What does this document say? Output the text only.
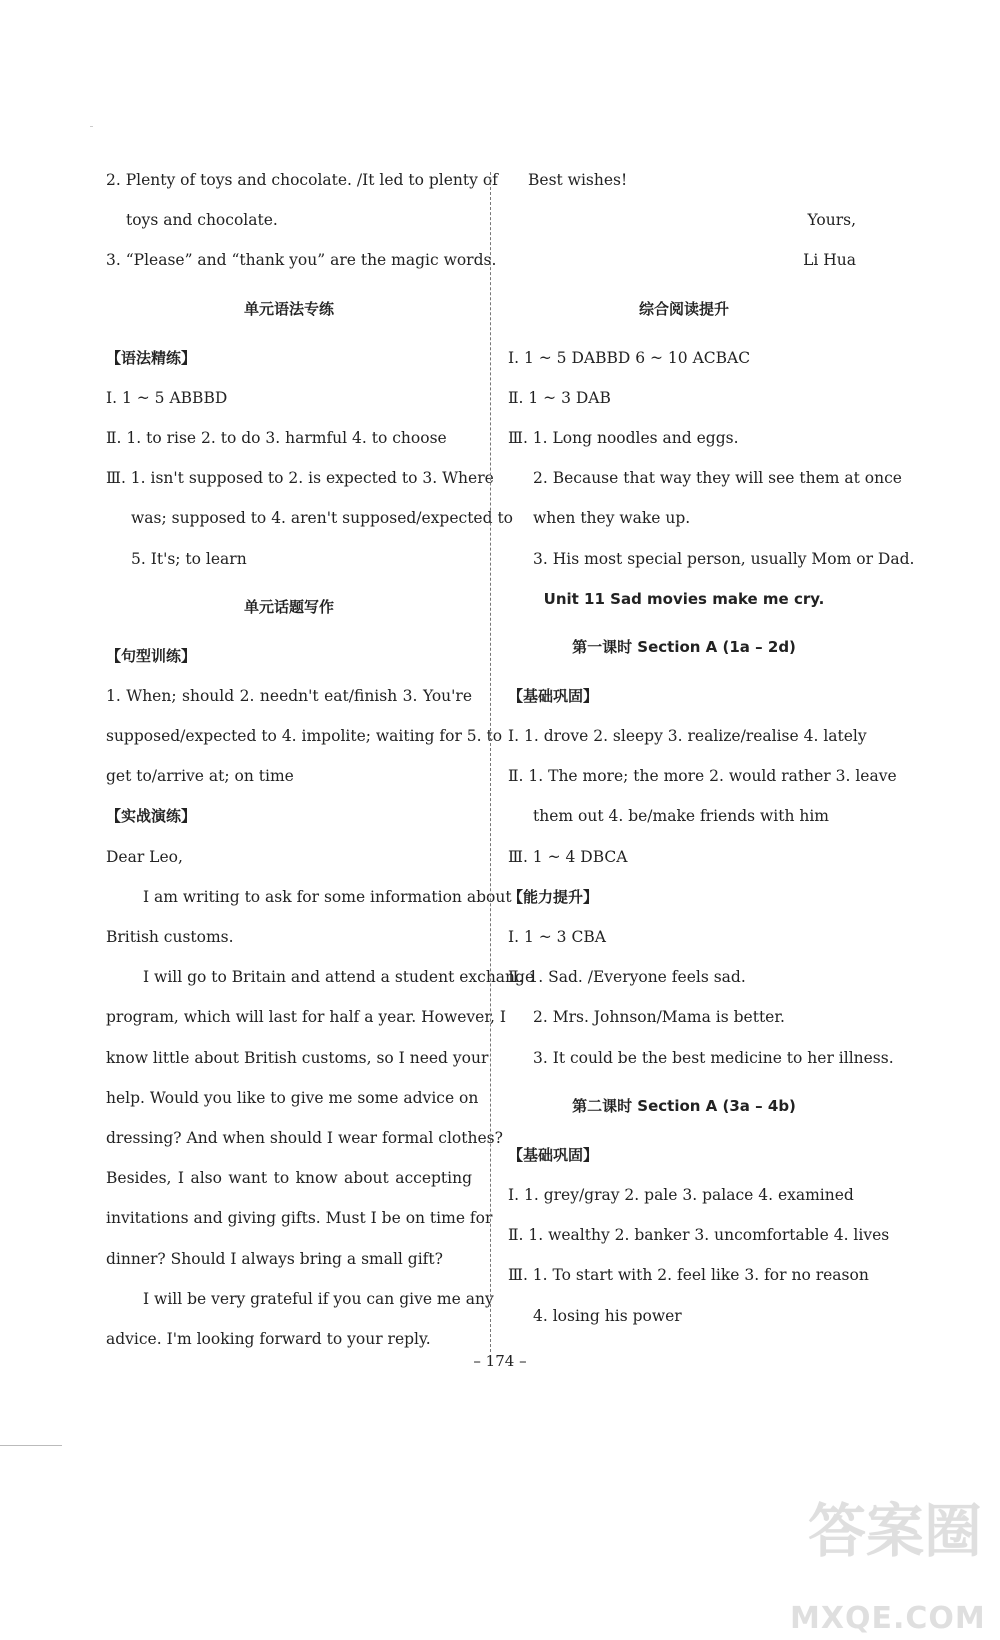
2. Plenty of toys and chocolate. /It led to plenty of
toys and chocolate.
3. “Please” and “thank you” are the magic words.
单元语法专练
【语法精练】
Ⅰ. 1 ~ 5 ABBBD
Ⅱ. 1. to rise 2. to do 3. harmful 4. to choose
Ⅲ. 1. isn't supposed to 2. is expected to 3. Where
was; supposed to 4. aren't supposed/expected to
5. It's; to learn
单元话题写作
【句型训练】
1. When; should 2. needn't eat/finish 3. You're
supposed/expected to 4. impolite; waiting for 5. to
get to/arrive at; on time
【实战演练】
Dear Leo,
I am writing to ask for some information about
British customs.
I will go to Britain and attend a student exchange
program, which will last for half a year. However, I
know little about British customs, so I need your
help. Would you like to give me some advice on
dressing? And when should I wear formal clothes?
Besides, I also want to know about accepting
invitations and giving gifts. Must I be on time for
dinner? Should I always bring a small gift?
I will be very grateful if you can give me any
advice. I'm looking forward to your reply.
Best wishes!
Yours,
Li Hua
综合阅读提升
Ⅰ. 1 ~ 5 DABBD 6 ~ 10 ACBAC
Ⅱ. 1 ~ 3 DAB
Ⅲ. 1. Long noodles and eggs.
2. Because that way they will see them at once
when they wake up.
3. His most special person, usually Mom or Dad.
Unit 11 Sad movies make me cry.
第一课时 Section A (1a – 2d)
【基础巩固】
Ⅰ. 1. drove 2. sleepy 3. realize/realise 4. lately
Ⅱ. 1. The more; the more 2. would rather 3. leave
them out 4. be/make friends with him
Ⅲ. 1 ~ 4 DBCA
【能力提升】
Ⅰ. 1 ~ 3 CBA
Ⅱ. 1. Sad. /Everyone feels sad.
2. Mrs. Johnson/Mama is better.
3. It could be the best medicine to her illness.
第二课时 Section A (3a – 4b)
【基础巩固】
Ⅰ. 1. grey/gray 2. pale 3. palace 4. examined
Ⅱ. 1. wealthy 2. banker 3. uncomfortable 4. lives
Ⅲ. 1. To start with 2. feel like 3. for no reason
4. losing his power
– 174 –
答案圈
MXQE.COM
